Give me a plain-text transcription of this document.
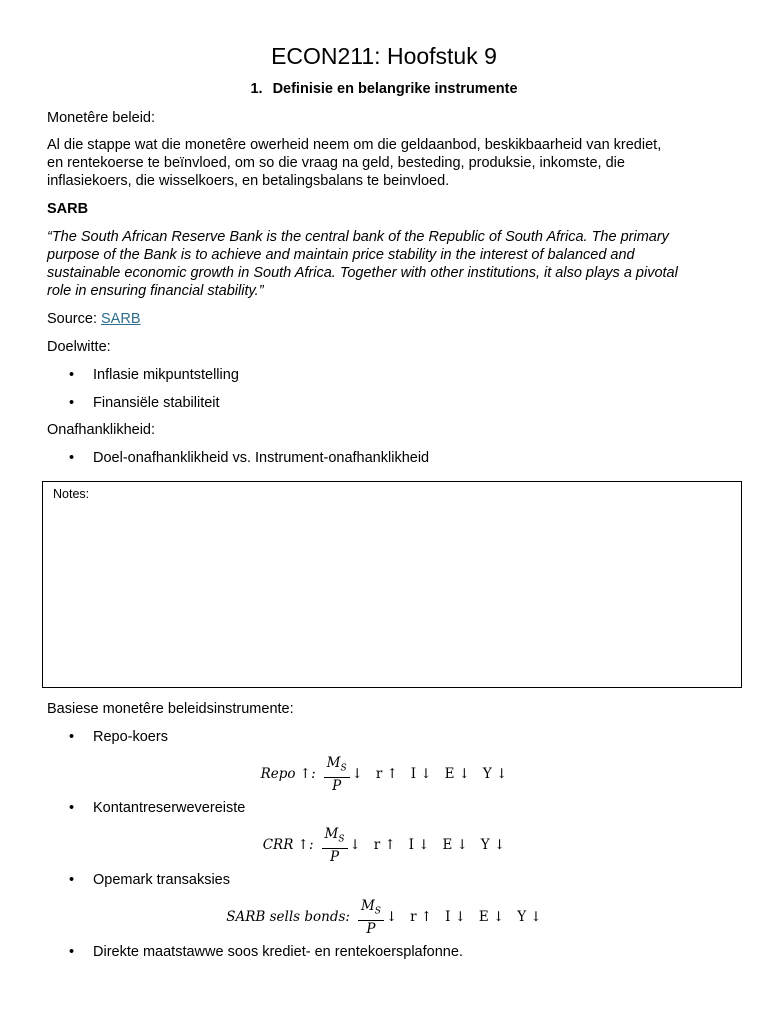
ECON211: Hoofstuk 9
1. Definisie en belangrike instrumente
Monetêre beleid:
Al die stappe wat die monetêre owerheid neem om die geldaanbod, beskikbaarheid van krediet,
en rentekoerse te beïnvloed, om so die vraag na geld, besteding, produksie, inkomste, die
inflasiekoers, die wisselkoers, en betalingsbalans te beinvloed.
SARB
“The South African Reserve Bank is the central bank of the Republic of South Africa. The primary
purpose of the Bank is to achieve and maintain price stability in the interest of balanced and
sustainable economic growth in South Africa. Together with other institutions, it also plays a pivotal
role in ensuring financial stability.”
Source: SARB
Doelwitte:
• Inflasie mikpuntstelling
• Finansiële stabiliteit
Onafhanklikheid:
• Doel-onafhanklikheid vs. Instrument-onafhanklikheid
Notes:
Basiese monetêre beleidsinstrumente:
• Repo-koers
Repo ↑: $\frac{M_S}{P}$ ↓   r ↑   I ↓   E ↓   Y ↓
• Kontantreserwevereiste
CRR ↑: $\frac{M_S}{P}$ ↓   r ↑   I ↓   E ↓   Y ↓
• Opemark transaksies
SARB sells bonds: $\frac{M_S}{P}$ ↓   r ↑   I ↓   E ↓   Y ↓
• Direkte maatstawwe soos krediet- en rentekoersplafonne.
